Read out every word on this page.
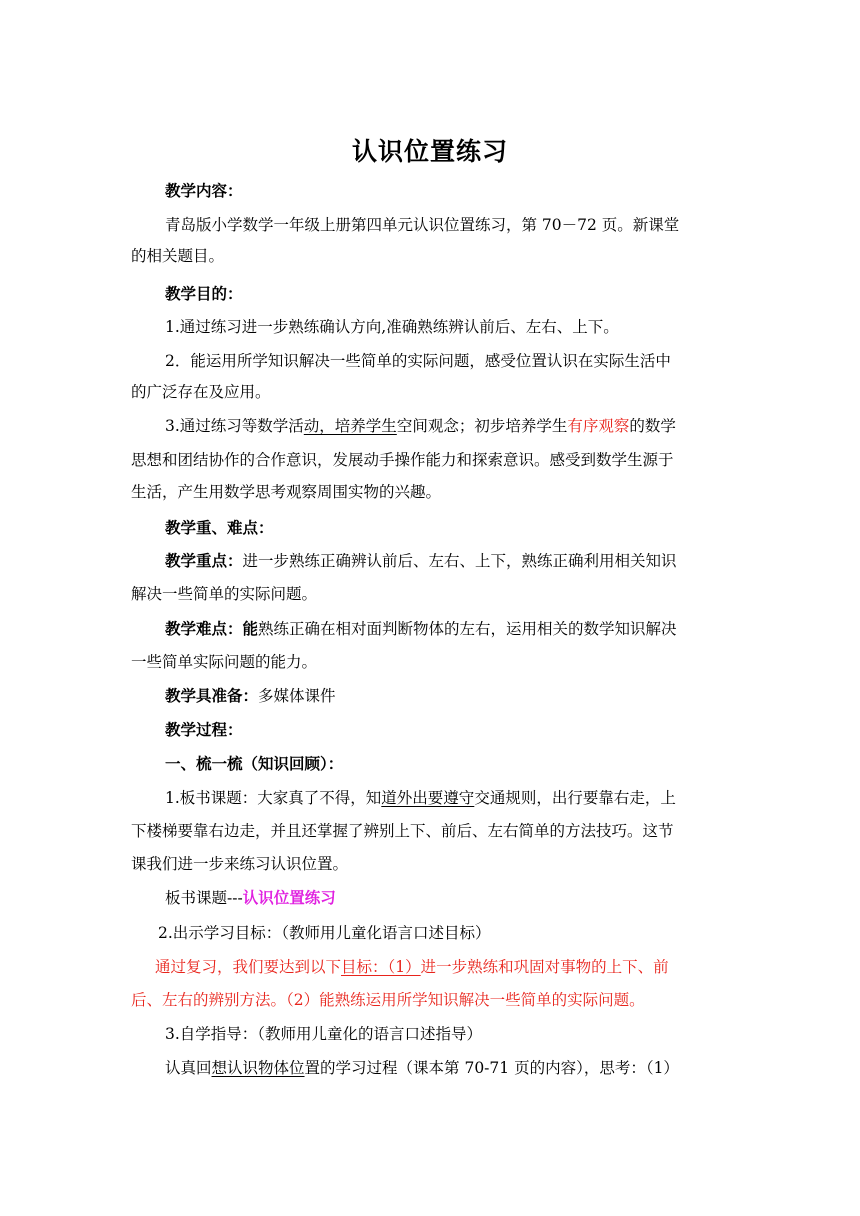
认识位置练习
教学内容：
青岛版小学数学一年级上册第四单元认识位置练习，第 70－72 页。新课堂
的相关题目。
教学目的：
1.通过练习进一步熟练确认方向,准确熟练辨认前后、左右、上下。
2．能运用所学知识解决一些简单的实际问题，感受位置认识在实际生活中
的广泛存在及应用。
3.通过练习等数学活动，培养学生空间观念；初步培养学生有序观察的数学
思想和团结协作的合作意识，发展动手操作能力和探索意识。感受到数学生源于
生活，产生用数学思考观察周围实物的兴趣。
教学重、难点：
教学重点：进一步熟练正确辨认前后、左右、上下，熟练正确利用相关知识
解决一些简单的实际问题。
教学难点：能熟练正确在相对面判断物体的左右，运用相关的数学知识解决
一些简单实际问题的能力。
教学具准备：多媒体课件
教学过程：
一、梳一梳（知识回顾）：
1.板书课题：大家真了不得，知道外出要遵守交通规则，出行要靠右走，上
下楼梯要靠右边走，并且还掌握了辨别上下、前后、左右简单的方法技巧。这节
课我们进一步来练习认识位置。
板书课题---认识位置练习
2.出示学习目标：（教师用儿童化语言口述目标）
通过复习，我们要达到以下目标：（1）进一步熟练和巩固对事物的上下、前
后、左右的辨别方法。（2）能熟练运用所学知识解决一些简单的实际问题。
3.自学指导：（教师用儿童化的语言口述指导）
认真回想认识物体位置的学习过程（课本第 70-71 页的内容），思考：（1）
